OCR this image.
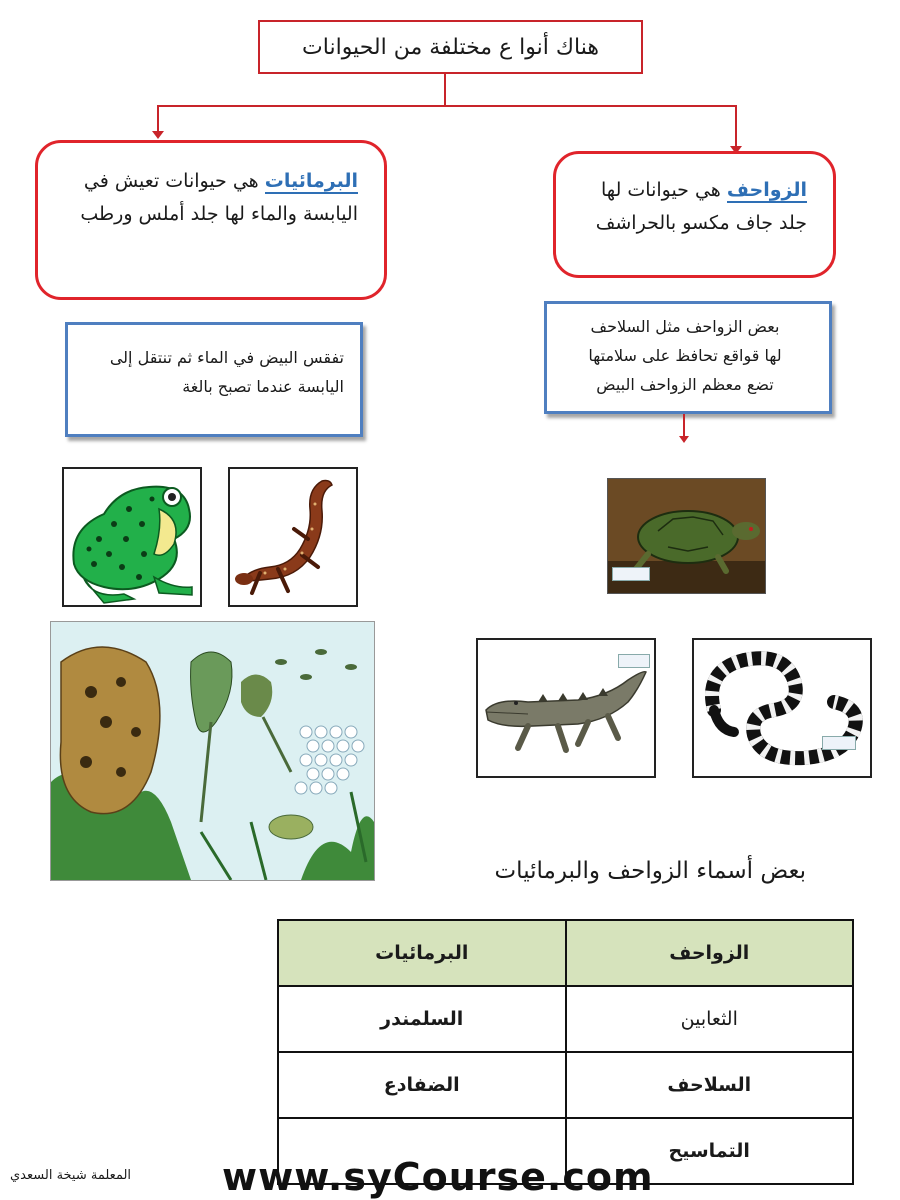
هناك أنوا ع مختلفة من الحيوانات
البرمائيات هي حيوانات تعيش في اليابسة والماء لها جلد أملس ورطب
الزواحف هي حيوانات لها جلد جاف مكسو بالحراشف
تفقس البيض في الماء ثم تنتقل إلى اليابسة عندما تصبح بالغة
بعض الزواحف مثل السلاحف
لها قواقع تحافظ على سلامتها
تضع معظم الزواحف البيض
بعض أسماء الزواحف والبرمائيات
الزواحف	البرمائيات
الثعابين	السلمندر
السلاحف	الضفادع
التماسيح	
المعلمة شيخة السعدي www.syCourse.com
